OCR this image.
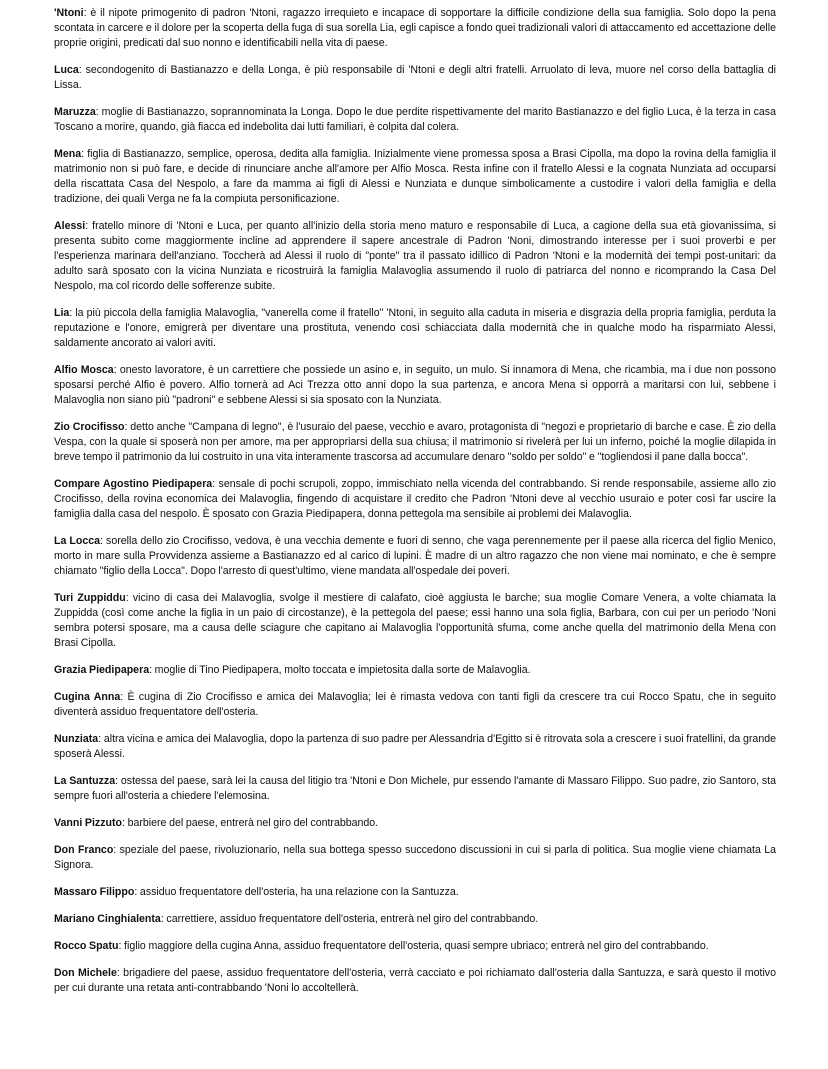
'Ntoni: è il nipote primogenito di padron 'Ntoni, ragazzo irrequieto e incapace di sopportare la difficile condizione della sua famiglia. Solo dopo la pena scontata in carcere e il dolore per la scoperta della fuga di sua sorella Lia, egli capisce a fondo quei tradizionali valori di attaccamento ed accettazione delle proprie origini, predicati dal suo nonno e identificabili nella vita di paese.

Luca: secondogenito di Bastianazzo e della Longa, è più responsabile di 'Ntoni e degli altri fratelli. Arruolato di leva, muore nel corso della battaglia di Lissa.

Maruzza: moglie di Bastianazzo, soprannominata la Longa. Dopo le due perdite rispettivamente del marito Bastianazzo e del figlio Luca, è la terza in casa Toscano a morire, quando, già fiacca ed indebolita dai lutti familiari, è colpita dal colera.

Mena: figlia di Bastianazzo, semplice, operosa, dedita alla famiglia. Inizialmente viene promessa sposa a Brasi Cipolla, ma dopo la rovina della famiglia il matrimonio non si può fare, e decide di rinunciare anche all'amore per Alfio Mosca. Resta infine con il fratello Alessi e la cognata Nunziata ad occuparsi della riscattata Casa del Nespolo, a fare da mamma ai figli di Alessi e Nunziata e dunque simbolicamente a custodire i valori della famiglia e della tradizione, dei quali Verga ne fa la compiuta personificazione.

Alessi: fratello minore di 'Ntoni e Luca, per quanto all'inizio della storia meno maturo e responsabile di Luca, a cagione della sua età giovanissima, si presenta subito come maggiormente incline ad apprendere il sapere ancestrale di Padron 'Noni, dimostrando interesse per i suoi proverbi e per l'esperienza marinara dell'anziano. Toccherà ad Alessi il ruolo di "ponte" tra il passato idillico di Padron 'Ntoni e la modernità dei tempi post-unitari: da adulto sarà sposato con la vicina Nunziata e ricostruirà la famiglia Malavoglia assumendo il ruolo di patriarca del nonno e ricomprando la Casa Del Nespolo, ma col ricordo delle sofferenze subite.

Lia: la più piccola della famiglia Malavoglia, "vanerella come il fratello" 'Ntoni, in seguito alla caduta in miseria e disgrazia della propria famiglia, perduta la reputazione e l'onore, emigrerà per diventare una prostituta, venendo così schiacciata dalla modernità che in qualche modo ha risparmiato Alessi, saldamente ancorato ai valori aviti.

Alfio Mosca: onesto lavoratore, è un carrettiere che possiede un asino e, in seguito, un mulo. Si innamora di Mena, che ricambia, ma i due non possono sposarsi perché Alfio è povero. Alfio tornerà ad Aci Trezza otto anni dopo la sua partenza, e ancora Mena si opporrà a maritarsi con lui, sebbene i Malavoglia non siano più "padroni" e sebbene Alessi si sia sposato con la Nunziata.

Zio Crocifisso: detto anche "Campana di legno", è l'usuraio del paese, vecchio e avaro, protagonista di "negozi e proprietario di barche e case. È zio della Vespa, con la quale si sposerà non per amore, ma per appropriarsi della sua chiusa; il matrimonio si rivelerà per lui un inferno, poiché la moglie dilapida in breve tempo il patrimonio da lui costruito in una vita interamente trascorsa ad accumulare denaro "soldo per soldo" e "togliendosi il pane dalla bocca".

Compare Agostino Piedipapera: sensale di pochi scrupoli, zoppo, immischiato nella vicenda del contrabbando. Si rende responsabile, assieme allo zio Crocifisso, della rovina economica dei Malavoglia, fingendo di acquistare il credito che Padron 'Ntoni deve al vecchio usuraio e poter così far uscire la famiglia dalla casa del nespolo. È sposato con Grazia Piedipapera, donna pettegola ma sensibile ai problemi dei Malavoglia.

La Locca: sorella dello zio Crocifisso, vedova, è una vecchia demente e fuori di senno, che vaga perennemente per il paese alla ricerca del figlio Menico, morto in mare sulla Provvidenza assieme a Bastianazzo ed al carico di lupini. È madre di un altro ragazzo che non viene mai nominato, e che è sempre chiamato "figlio della Locca". Dopo l'arresto di quest'ultimo, viene mandata all'ospedale dei poveri.

Turi Zuppiddu: vicino di casa dei Malavoglia, svolge il mestiere di calafato, cioè aggiusta le barche; sua moglie Comare Venera, a volte chiamata la Zuppidda (così come anche la figlia in un paio di circostanze), è la pettegola del paese; essi hanno una sola figlia, Barbara, con cui per un periodo 'Noni sembra potersi sposare, ma a causa delle sciagure che capitano ai Malavoglia l'opportunità sfuma, come anche quella del matrimonio della Mena con Brasi Cipolla.

Grazia Piedipapera: moglie di Tino Piedipapera, molto toccata e impietosita dalla sorte de Malavoglia.

Cugina Anna: È cugina di Zio Crocifisso e amica dei Malavoglia; lei è rimasta vedova con tanti figli da crescere tra cui Rocco Spatu, che in seguito diventerà assiduo frequentatore dell'osteria.

Nunziata: altra vicina e amica dei Malavoglia, dopo la partenza di suo padre per Alessandria d'Egitto si è ritrovata sola a crescere i suoi fratellini, da grande sposerà Alessi.

La Santuzza: ostessa del paese, sarà lei la causa del litigio tra 'Ntoni e Don Michele, pur essendo l'amante di Massaro Filippo. Suo padre, zio Santoro, sta sempre fuori all'osteria a chiedere l'elemosina.

Vanni Pizzuto: barbiere del paese, entrerà nel giro del contrabbando.

Don Franco: speziale del paese, rivoluzionario, nella sua bottega spesso succedono discussioni in cui si parla di politica. Sua moglie viene chiamata La Signora.

Massaro Filippo: assiduo frequentatore dell'osteria, ha una relazione con la Santuzza.

Mariano Cinghialenta: carrettiere, assiduo frequentatore dell'osteria, entrerà nel giro del contrabbando.

Rocco Spatu: figlio maggiore della cugina Anna, assiduo frequentatore dell'osteria, quasi sempre ubriaco; entrerà nel giro del contrabbando.

Don Michele: brigadiere del paese, assiduo frequentatore dell'osteria, verrà cacciato e poi richiamato dall'osteria dalla Santuzza, e sarà questo il motivo per cui durante una retata anti-contrabbando 'Noni lo accoltellerà.
